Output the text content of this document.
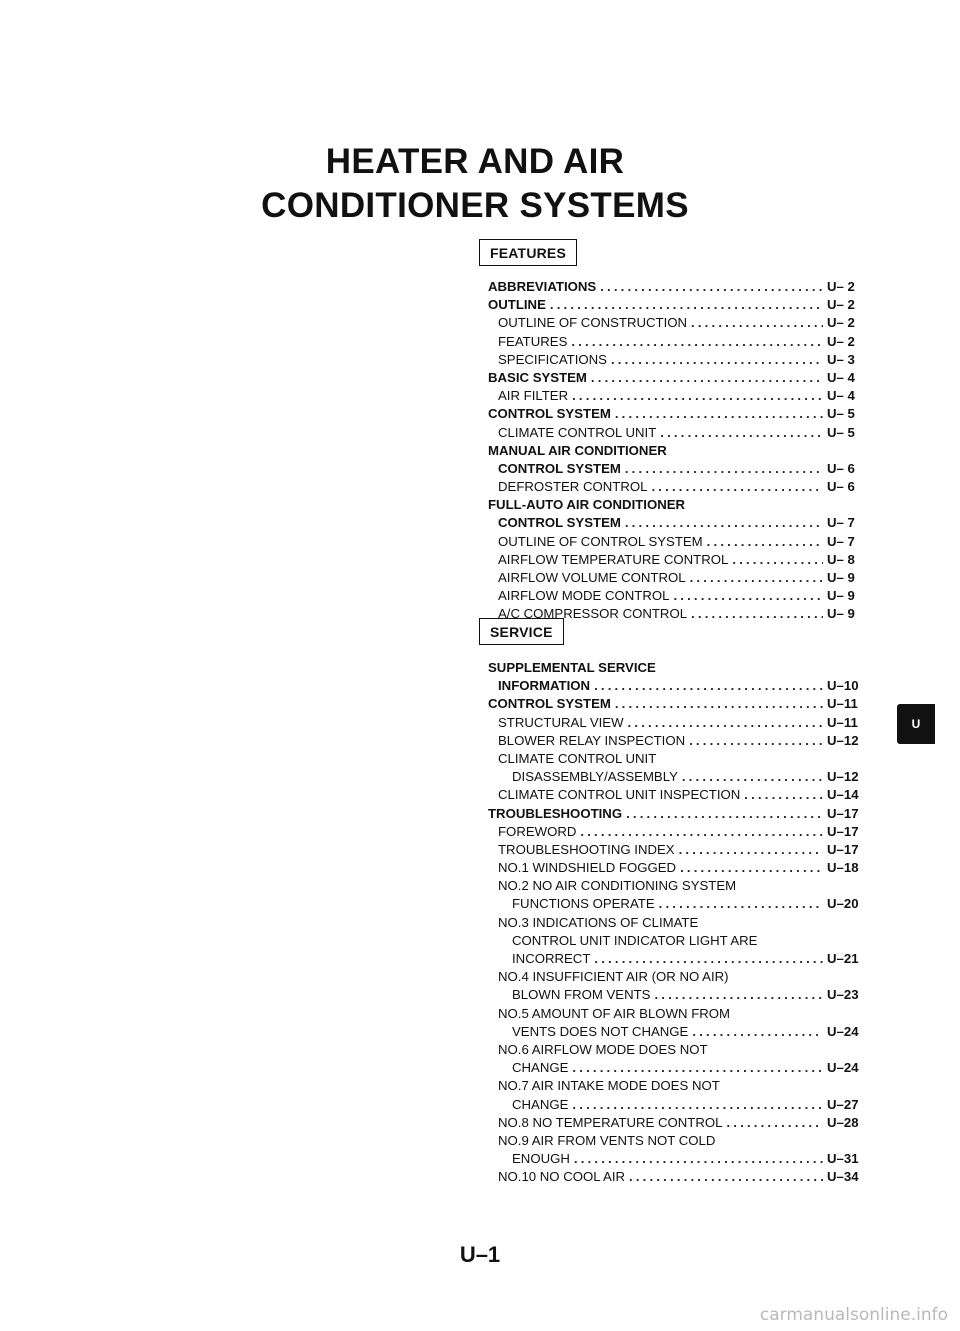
HEATER AND AIR
CONDITIONER SYSTEMS
FEATURES
ABBREVIATIONS . . .	U– 2
OUTLINE . . .	U– 2
OUTLINE OF CONSTRUCTION . . .	U– 2
FEATURES . . .	U– 2
SPECIFICATIONS . . .	U– 3
BASIC SYSTEM . . .	U– 4
AIR FILTER . . .	U– 4
CONTROL SYSTEM . . .	U– 5
CLIMATE CONTROL UNIT . . .	U– 5
MANUAL AIR CONDITIONER
CONTROL SYSTEM . . .	U– 6
DEFROSTER CONTROL . . .	U– 6
FULL-AUTO AIR CONDITIONER
CONTROL SYSTEM . . .	U– 7
OUTLINE OF CONTROL SYSTEM . . .	U– 7
AIRFLOW TEMPERATURE CONTROL . . .	U– 8
AIRFLOW VOLUME CONTROL . . .	U– 9
AIRFLOW MODE CONTROL . . .	U– 9
A/C COMPRESSOR CONTROL . . .	U– 9
SERVICE
SUPPLEMENTAL SERVICE
INFORMATION . . .	U–10
CONTROL SYSTEM . . .	U–11
STRUCTURAL VIEW . . .	U–11
BLOWER RELAY INSPECTION . . .	U–12
CLIMATE CONTROL UNIT
DISASSEMBLY/ASSEMBLY . . .	U–12
CLIMATE CONTROL UNIT INSPECTION . . .	U–14
TROUBLESHOOTING . . .	U–17
FOREWORD . . .	U–17
TROUBLESHOOTING INDEX . . .	U–17
NO.1 WINDSHIELD FOGGED . . .	U–18
NO.2 NO AIR CONDITIONING SYSTEM
FUNCTIONS OPERATE . . .	U–20
NO.3 INDICATIONS OF CLIMATE
CONTROL UNIT INDICATOR LIGHT ARE
INCORRECT . . .	U–21
NO.4 INSUFFICIENT AIR (OR NO AIR)
BLOWN FROM VENTS . . .	U–23
NO.5 AMOUNT OF AIR BLOWN FROM
VENTS DOES NOT CHANGE . . .	U–24
NO.6 AIRFLOW MODE DOES NOT
CHANGE . . .	U–24
NO.7 AIR INTAKE MODE DOES NOT
CHANGE . . .	U–27
NO.8 NO TEMPERATURE CONTROL . . .	U–28
NO.9 AIR FROM VENTS NOT COLD
ENOUGH . . .	U–31
NO.10 NO COOL AIR . . .	U–34
U
U–1
carmanualsonline.info
